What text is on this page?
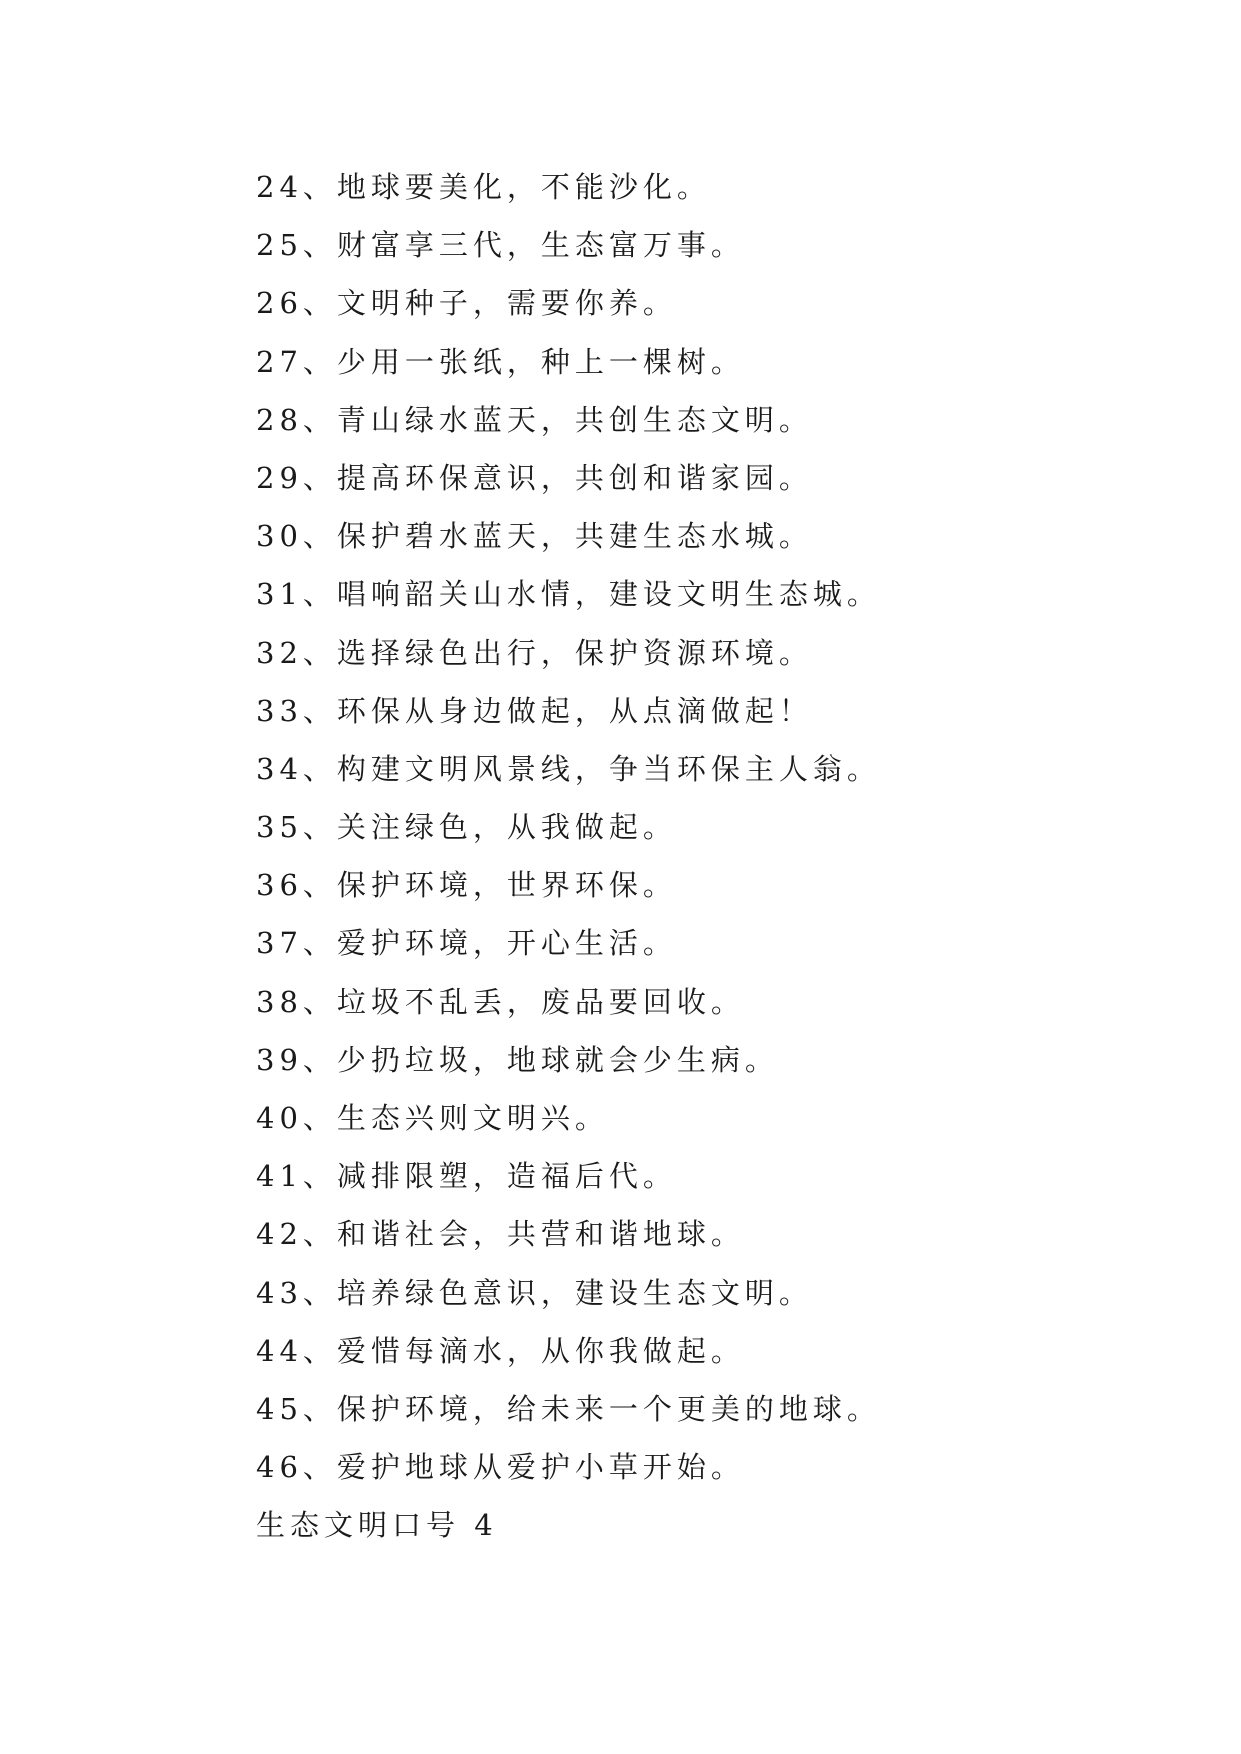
24、地球要美化，不能沙化。

25、财富享三代，生态富万事。

26、文明种子，需要你养。

27、少用一张纸，种上一棵树。

28、青山绿水蓝天，共创生态文明。

29、提高环保意识，共创和谐家园。

30、保护碧水蓝天，共建生态水城。

31、唱响韶关山水情，建设文明生态城。

32、选择绿色出行，保护资源环境。

33、环保从身边做起，从点滴做起！

34、构建文明风景线，争当环保主人翁。

35、关注绿色，从我做起。

36、保护环境，世界环保。

37、爱护环境，开心生活。

38、垃圾不乱丢，废品要回收。

39、少扔垃圾，地球就会少生病。

40、生态兴则文明兴。

41、减排限塑，造福后代。

42、和谐社会，共营和谐地球。

43、培养绿色意识，建设生态文明。

44、爱惜每滴水，从你我做起。

45、保护环境，给未来一个更美的地球。

46、爱护地球从爱护小草开始。

生态文明口号 4
